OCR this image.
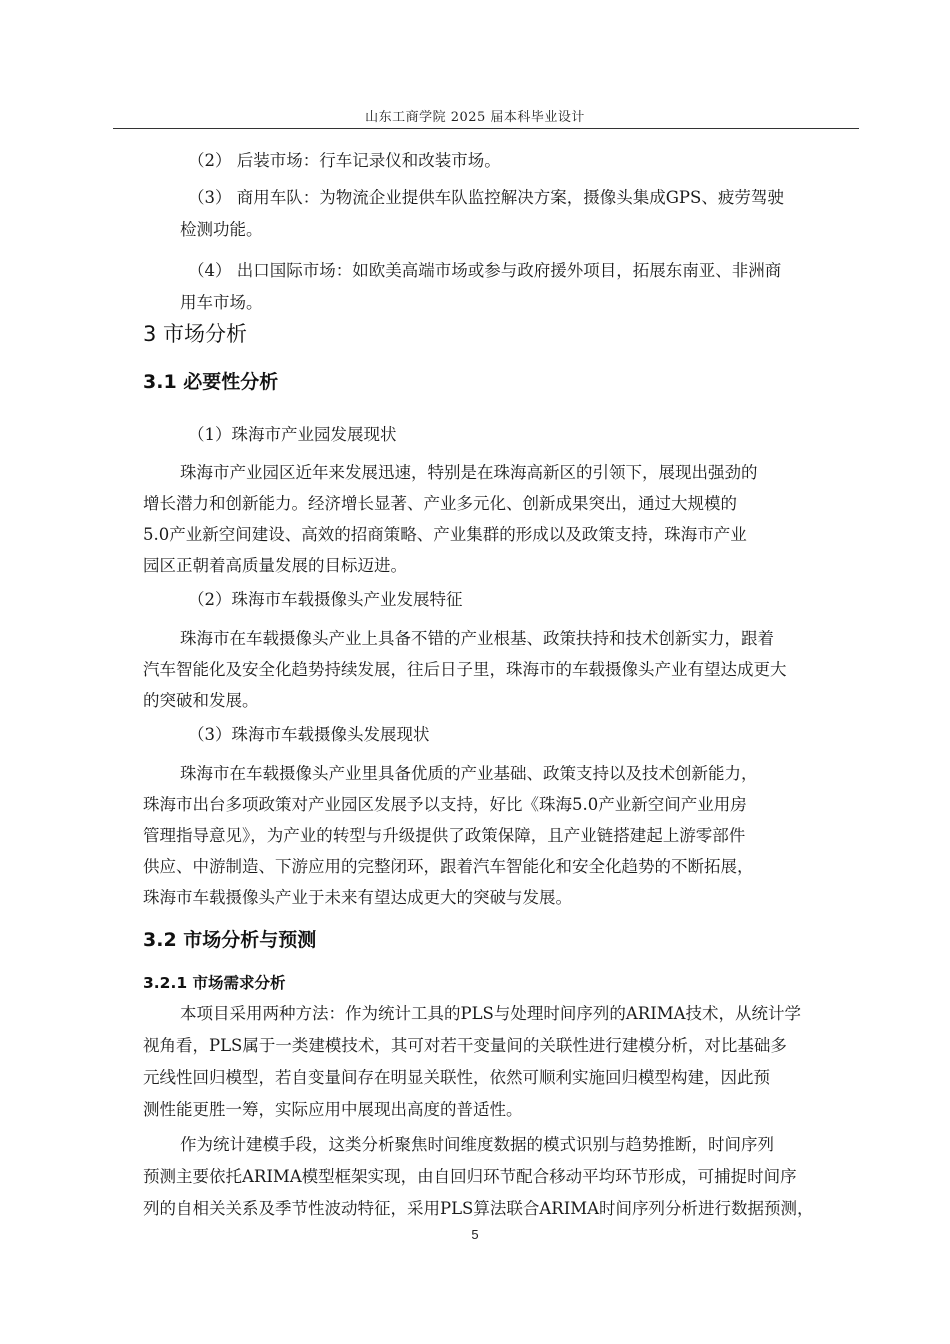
山东工商学院 2025 届本科毕业设计
（2） 后装市场：行车记录仪和改装市场。
（3） 商用车队：为物流企业提供车队监控解决方案，摄像头集成GPS、疲劳驾驶
检测功能。
（4） 出口国际市场：如欧美高端市场或参与政府援外项目，拓展东南亚、非洲商
用车市场。
3 市场分析
3.1 必要性分析
（1）珠海市产业园发展现状
珠海市产业园区近年来发展迅速，特别是在珠海高新区的引领下，展现出强劲的
增长潜力和创新能力。经济增长显著、产业多元化、创新成果突出，通过大规模的
5.0产业新空间建设、高效的招商策略、产业集群的形成以及政策支持，珠海市产业
园区正朝着高质量发展的目标迈进。
（2）珠海市车载摄像头产业发展特征
珠海市在车载摄像头产业上具备不错的产业根基、政策扶持和技术创新实力，跟着
汽车智能化及安全化趋势持续发展，往后日子里，珠海市的车载摄像头产业有望达成更大
的突破和发展。
（3）珠海市车载摄像头发展现状
珠海市在车载摄像头产业里具备优质的产业基础、政策支持以及技术创新能力，
珠海市出台多项政策对产业园区发展予以支持，好比《珠海5.0产业新空间产业用房
管理指导意见》，为产业的转型与升级提供了政策保障，且产业链搭建起上游零部件
供应、中游制造、下游应用的完整闭环，跟着汽车智能化和安全化趋势的不断拓展，
珠海市车载摄像头产业于未来有望达成更大的突破与发展。
3.2 市场分析与预测
3.2.1 市场需求分析
本项目采用两种方法：作为统计工具的PLS与处理时间序列的ARIMA技术，从统计学
视角看，PLS属于一类建模技术，其可对若干变量间的关联性进行建模分析，对比基础多
元线性回归模型，若自变量间存在明显关联性，依然可顺利实施回归模型构建，因此预
测性能更胜一筹，实际应用中展现出高度的普适性。
作为统计建模手段，这类分析聚焦时间维度数据的模式识别与趋势推断，时间序列
预测主要依托ARIMA模型框架实现，由自回归环节配合移动平均环节形成，可捕捉时间序
列的自相关关系及季节性波动特征，采用PLS算法联合ARIMA时间序列分析进行数据预测，
5
